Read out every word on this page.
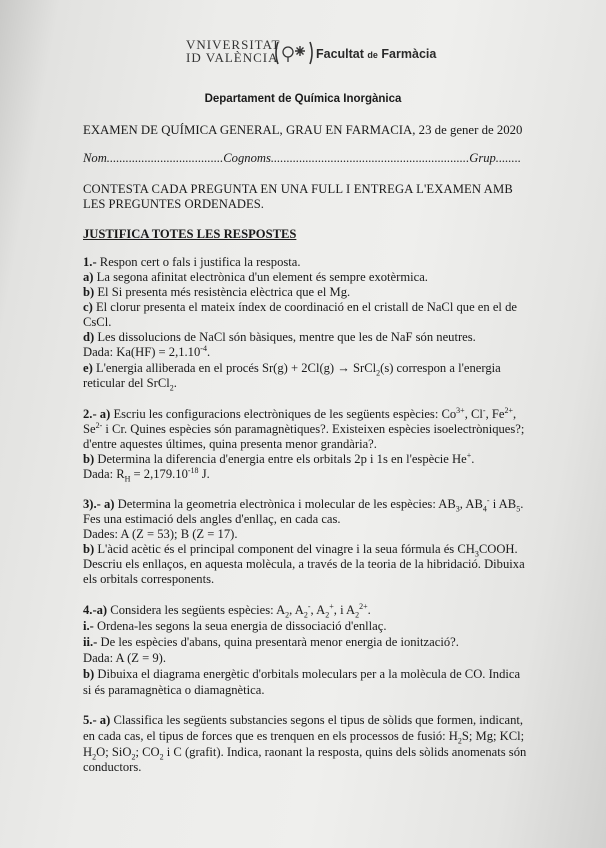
VNIVERSITAT
ID VALÈNCIA	Facultat de Farmàcia
Departament de Química Inorgànica
EXAMEN DE QUÍMICA GENERAL, GRAU EN FARMACIA, 23 de gener de 2020
Nom.....................................Cognoms...............................................................Grup........
CONTESTA CADA PREGUNTA EN UNA FULL I ENTREGA L'EXAMEN AMB
LES PREGUNTES ORDENADES.
JUSTIFICA TOTES LES RESPOSTES
1.- Respon cert o fals i justifica la resposta.
a) La segona afinitat electrònica d'un element és sempre exotèrmica.
b) El Si presenta més resistència elèctrica que el Mg.
c) El clorur presenta el mateix índex de coordinació en el cristall de NaCl que en el de
CsCl.
d) Les dissolucions de NaCl són bàsiques, mentre que les de NaF són neutres.
Dada: $Ka(HF) = 2,1.10^{-4}$.
e) L'energia alliberada en el procés Sr(g) + 2Cl(g) → SrCl$_2$(s) correspon a l'energia
reticular del SrCl$_2$.
2.- a) Escriu les configuracions electròniques de les següents espècies: $Co^{3+}$, Cl-, $Fe^{2+}$,
$Se^{2-}$ i Cr. Quines espècies són paramagnètiques?. Existeixen espècies isoelectròniques?;
d'entre aquestes últimes, quina presenta menor grandària?.
b) Determina la diferencia d'energia entre els orbitals 2p i 1s en l'espècie He+.
Dada: $R_H = 2,179.10^{-18}$ J.
3).- a) Determina la geometria electrònica i molecular de les espècies: $AB_3$, $AB_4^-$ i $AB_5$.
Fes una estimació dels angles d'enllaç, en cada cas.
Dades: A (Z = 53); B (Z = 17).
b) L'àcid acètic és el principal component del vinagre i la seua fórmula és $CH_3COOH$.
Descriu els enllaços, en aquesta molècula, a través de la teoria de la hibridació. Dibuixa
els orbitals corresponents.
4.-a) Considera les següents espècies: $A_2$, $A_2^-$, $A_2^+$, i $A_2^{2+}$.
i.- Ordena-les segons la seua energia de dissociació d'enllaç.
ii.- De les espècies d'abans, quina presentarà menor energia de ionització?.
Dada: A (Z = 9).
b) Dibuixa el diagrama energètic d'orbitals moleculars per a la molècula de CO. Indica
si és paramagnètica o diamagnètica.
5.- a) Classifica les següents substancies segons el tipus de sòlids que formen, indicant,
en cada cas, el tipus de forces que es trenquen en els processos de fusió: $H_2S$; Mg; KCl;
$H_2O$; SiO$_2$; $CO_2$ i C (grafit). Indica, raonant la resposta, quins dels sòlids anomenats són
conductors.
